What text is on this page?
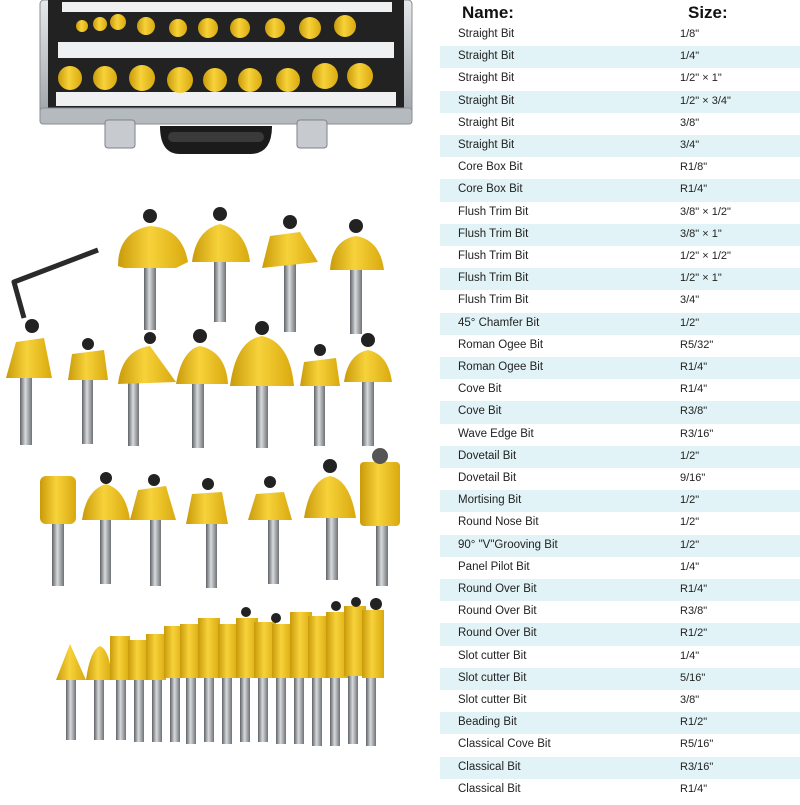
Name:	Size:
Straight Bit	1/8"
Straight Bit	1/4"
Straight Bit	1/2" × 1"
Straight Bit	1/2" × 3/4"
Straight Bit	3/8"
Straight Bit	3/4"
Core Box Bit	R1/8"
Core Box Bit	R1/4"
Flush Trim Bit	3/8" × 1/2"
Flush Trim Bit	3/8" × 1"
Flush Trim Bit	1/2" × 1/2"
Flush Trim Bit	1/2" × 1"
Flush Trim Bit	3/4"
45° Chamfer Bit	1/2"
Roman Ogee Bit	R5/32"
Roman Ogee Bit	R1/4"
Cove Bit	R1/4"
Cove Bit	R3/8"
Wave Edge Bit	R3/16"
Dovetail Bit	1/2"
Dovetail Bit	9/16"
Mortising Bit	1/2"
Round Nose Bit	1/2"
90° "V"Grooving Bit	1/2"
Panel Pilot Bit	1/4"
Round Over Bit	R1/4"
Round Over Bit	R3/8"
Round Over Bit	R1/2"
Slot cutter Bit	1/4"
Slot cutter Bit	5/16"
Slot cutter Bit	3/8"
Beading Bit	R1/2"
Classical Cove Bit	R5/16"
Classical Bit	R3/16"
Classical Bit	R1/4"
